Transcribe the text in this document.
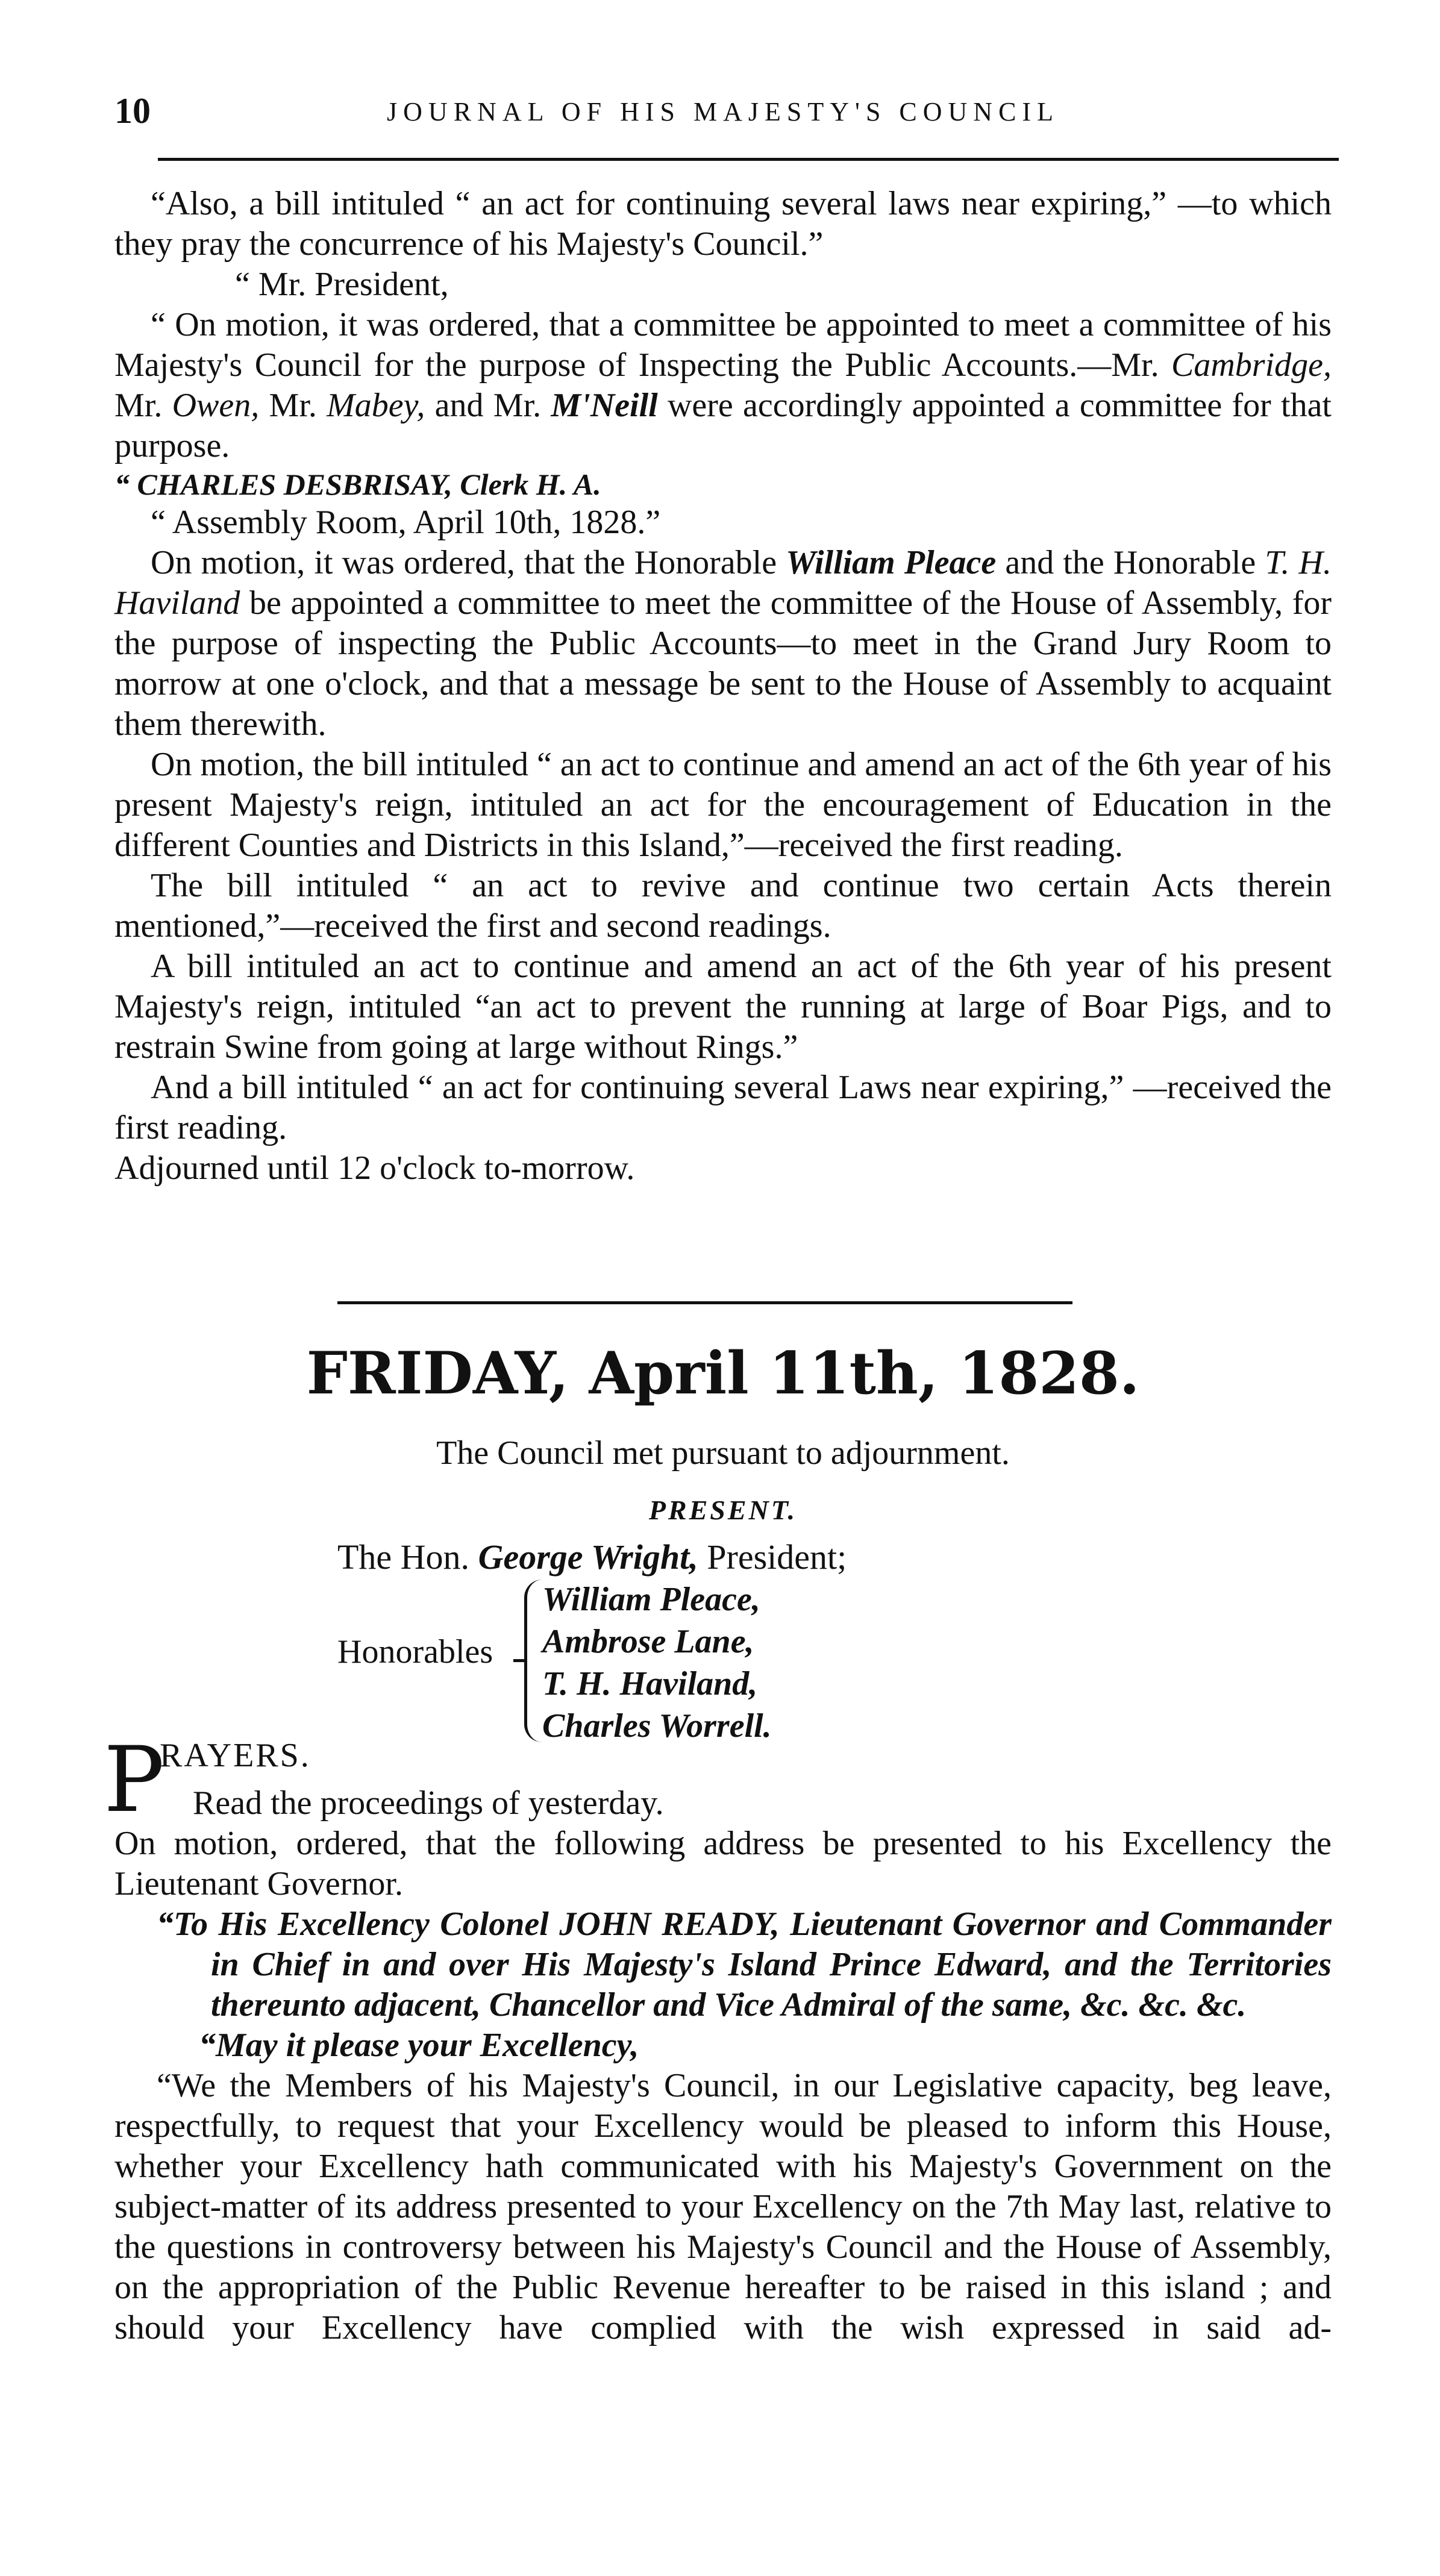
10	JOURNAL OF HIS MAJESTY'S COUNCIL

“Also, a bill intituled “ an act for continuing several laws near expiring,” —to which they pray the concurrence of his Majesty's Council.”

“ Mr. President,

“ On motion, it was ordered, that a committee be appointed to meet a committee of his Majesty's Council for the purpose of Inspecting the Public Accounts.—Mr. Cambridge, Mr. Owen, Mr. Mabey, and Mr. M'Neill were accordingly appointed a committee for that purpose.

“ CHARLES DESBRISAY, Clerk H. A.

“ Assembly Room, April 10th, 1828.”

On motion, it was ordered, that the Honorable William Pleace and the Honorable T. H. Haviland be appointed a committee to meet the committee of the House of Assembly, for the purpose of inspecting the Public Accounts—to meet in the Grand Jury Room to morrow at one o'clock, and that a message be sent to the House of Assembly to acquaint them therewith.

On motion, the bill intituled “ an act to continue and amend an act of the 6th year of his present Majesty's reign, intituled an act for the encouragement of Education in the different Counties and Districts in this Island,”—received the first reading.

The bill intituled “ an act to revive and continue two certain Acts therein mentioned,”—received the first and second readings.

A bill intituled an act to continue and amend an act of the 6th year of his present Majesty's reign, intituled “an act to prevent the running at large of Boar Pigs, and to restrain Swine from going at large without Rings.”

And a bill intituled “ an act for continuing several Laws near expiring,” —received the first reading.

Adjourned until 12 o'clock to-morrow.

FRIDAY, April 11th, 1828.
The Council met pursuant to adjournment.
PRESENT.
The Hon. George Wright, President;
Honorables
William Pleace,
Ambrose Lane,
T. H. Haviland,
Charles Worrell.
P
RAYERS.

Read the proceedings of yesterday.

On motion, ordered, that the following address be presented to his Excellency the Lieutenant Governor.

“To His Excellency Colonel JOHN READY, Lieutenant Governor and Commander in Chief in and over His Majesty's Island Prince Edward, and the Territories thereunto adjacent, Chancellor and Vice Admiral of the same, &c. &c. &c.

“May it please your Excellency,

“We the Members of his Majesty's Council, in our Legislative capacity, beg leave, respectfully, to request that your Excellency would be pleased to inform this House, whether your Excellency hath communicated with his Majesty's Government on the subject-matter of its address presented to your Excellency on the 7th May last, relative to the questions in controversy between his Majesty's Council and the House of Assembly, on the appropriation of the Public Revenue hereafter to be raised in this island ; and should your Excellency have complied with the wish expressed in said ad-
